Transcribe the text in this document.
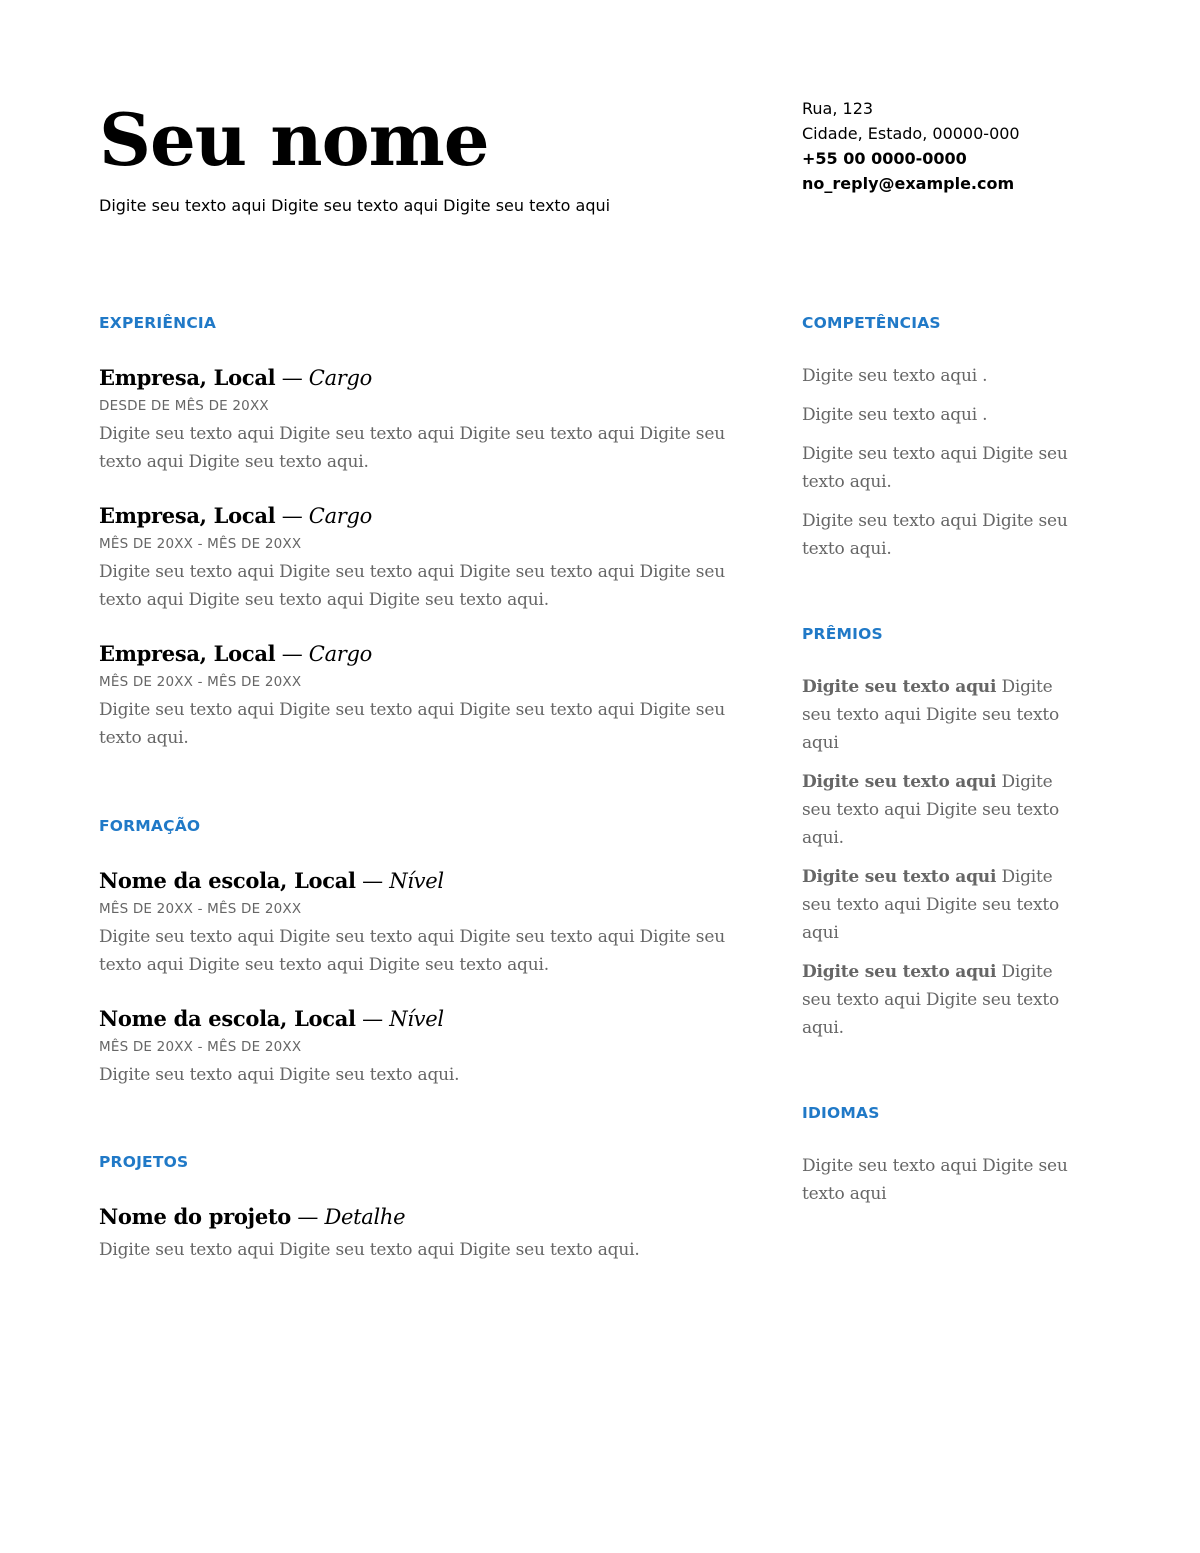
Seu nome

Digite seu texto aqui Digite seu texto aqui Digite seu texto aqui

Rua, 123
Cidade, Estado, 00000-000
+55 00 0000-0000
no_reply@example.com
EXPERIÊNCIA

Empresa, Local — Cargo

DESDE DE MÊS DE 20XX

Digite seu texto aqui Digite seu texto aqui Digite seu texto aqui Digite seu texto aqui Digite seu texto aqui.

Empresa, Local — Cargo

MÊS DE 20XX - MÊS DE 20XX

Digite seu texto aqui Digite seu texto aqui Digite seu texto aqui Digite seu texto aqui Digite seu texto aqui Digite seu texto aqui.

Empresa, Local — Cargo

MÊS DE 20XX - MÊS DE 20XX

Digite seu texto aqui Digite seu texto aqui Digite seu texto aqui Digite seu texto aqui.

FORMAÇÃO

Nome da escola, Local — Nível

MÊS DE 20XX - MÊS DE 20XX

Digite seu texto aqui Digite seu texto aqui Digite seu texto aqui Digite seu texto aqui Digite seu texto aqui Digite seu texto aqui.

Nome da escola, Local — Nível

MÊS DE 20XX - MÊS DE 20XX

Digite seu texto aqui Digite seu texto aqui.

PROJETOS

Nome do projeto — Detalhe

Digite seu texto aqui Digite seu texto aqui Digite seu texto aqui.

COMPETÊNCIAS

Digite seu texto aqui .

Digite seu texto aqui .

Digite seu texto aqui Digite seu texto aqui.

Digite seu texto aqui Digite seu texto aqui.

PRÊMIOS

Digite seu texto aqui Digite seu texto aqui Digite seu texto aqui

Digite seu texto aqui Digite seu texto aqui Digite seu texto aqui.

Digite seu texto aqui Digite seu texto aqui Digite seu texto aqui

Digite seu texto aqui Digite seu texto aqui Digite seu texto aqui.

IDIOMAS

Digite seu texto aqui Digite seu texto aqui
